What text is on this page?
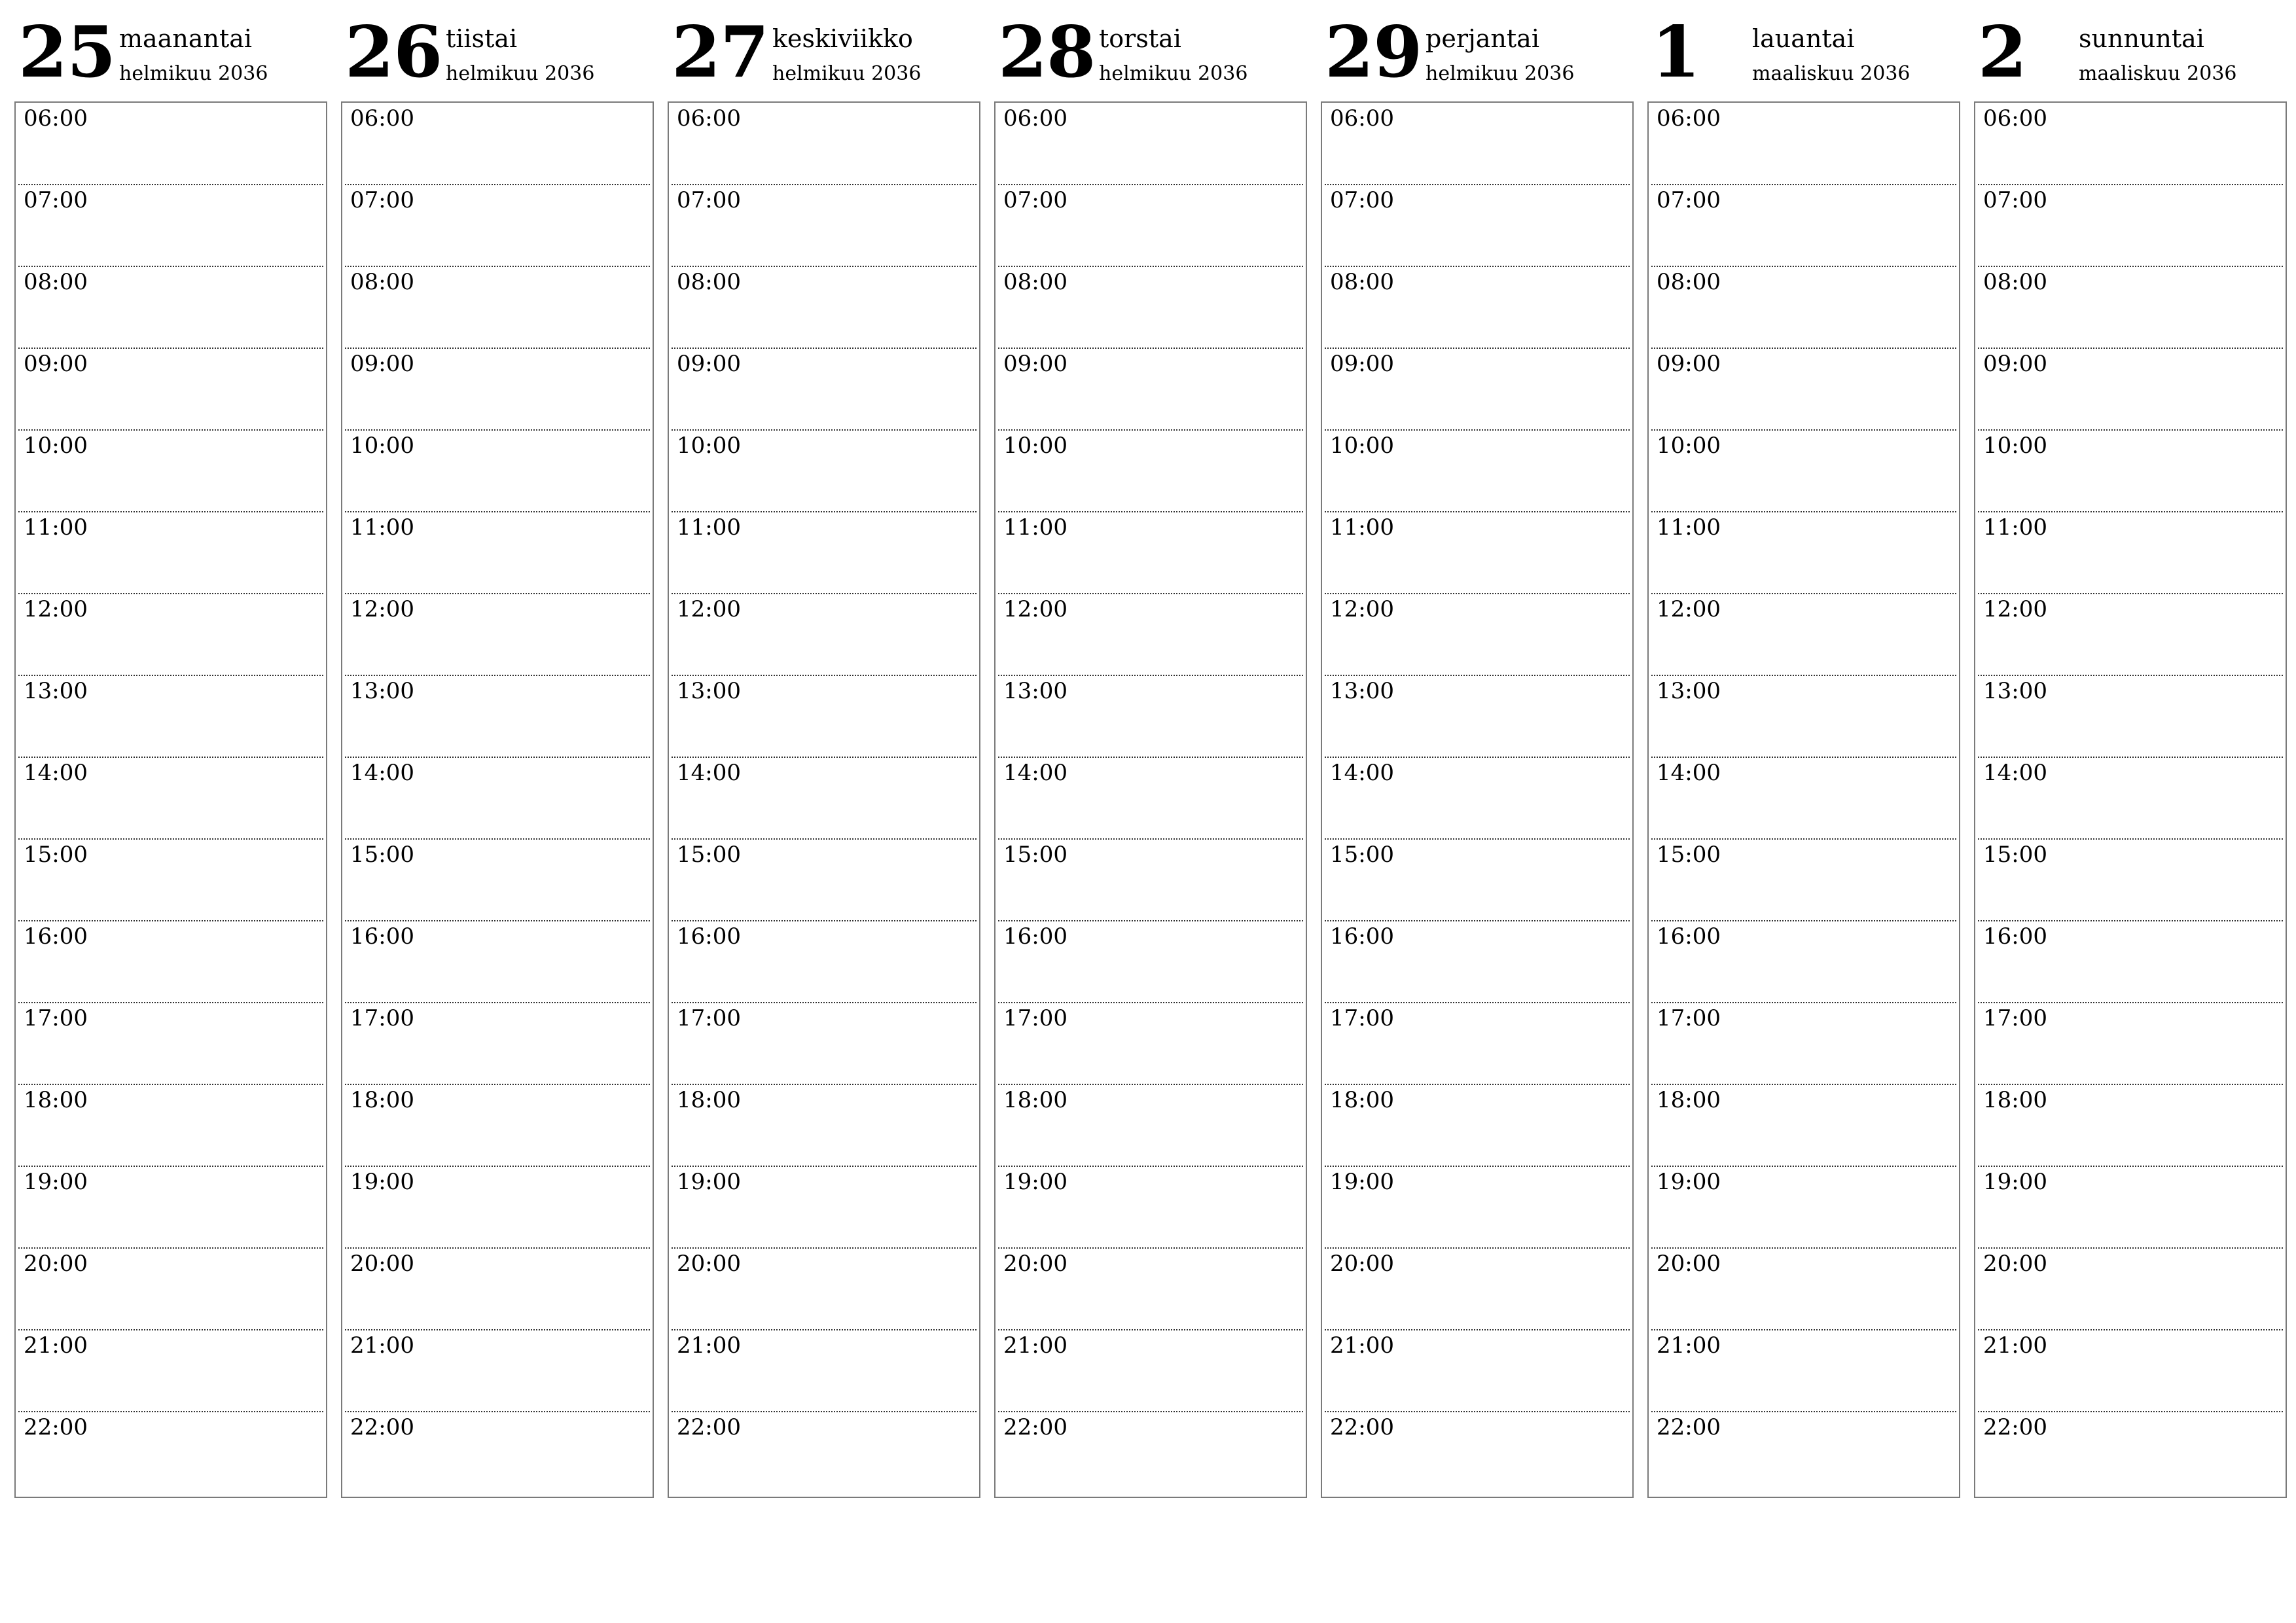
25 maanantai
helmikuu 2036
06:00
07:00
08:00
09:00
10:00
11:00
12:00
13:00
14:00
15:00
16:00
17:00
18:00
19:00
20:00
21:00
22:00
26 tiistai
helmikuu 2036
06:00
07:00
08:00
09:00
10:00
11:00
12:00
13:00
14:00
15:00
16:00
17:00
18:00
19:00
20:00
21:00
22:00
27 keskiviikko
helmikuu 2036
06:00
07:00
08:00
09:00
10:00
11:00
12:00
13:00
14:00
15:00
16:00
17:00
18:00
19:00
20:00
21:00
22:00
28 torstai
helmikuu 2036
06:00
07:00
08:00
09:00
10:00
11:00
12:00
13:00
14:00
15:00
16:00
17:00
18:00
19:00
20:00
21:00
22:00
29 perjantai
helmikuu 2036
06:00
07:00
08:00
09:00
10:00
11:00
12:00
13:00
14:00
15:00
16:00
17:00
18:00
19:00
20:00
21:00
22:00
1 lauantai
maaliskuu 2036
06:00
07:00
08:00
09:00
10:00
11:00
12:00
13:00
14:00
15:00
16:00
17:00
18:00
19:00
20:00
21:00
22:00
2 sunnuntai
maaliskuu 2036
06:00
07:00
08:00
09:00
10:00
11:00
12:00
13:00
14:00
15:00
16:00
17:00
18:00
19:00
20:00
21:00
22:00
